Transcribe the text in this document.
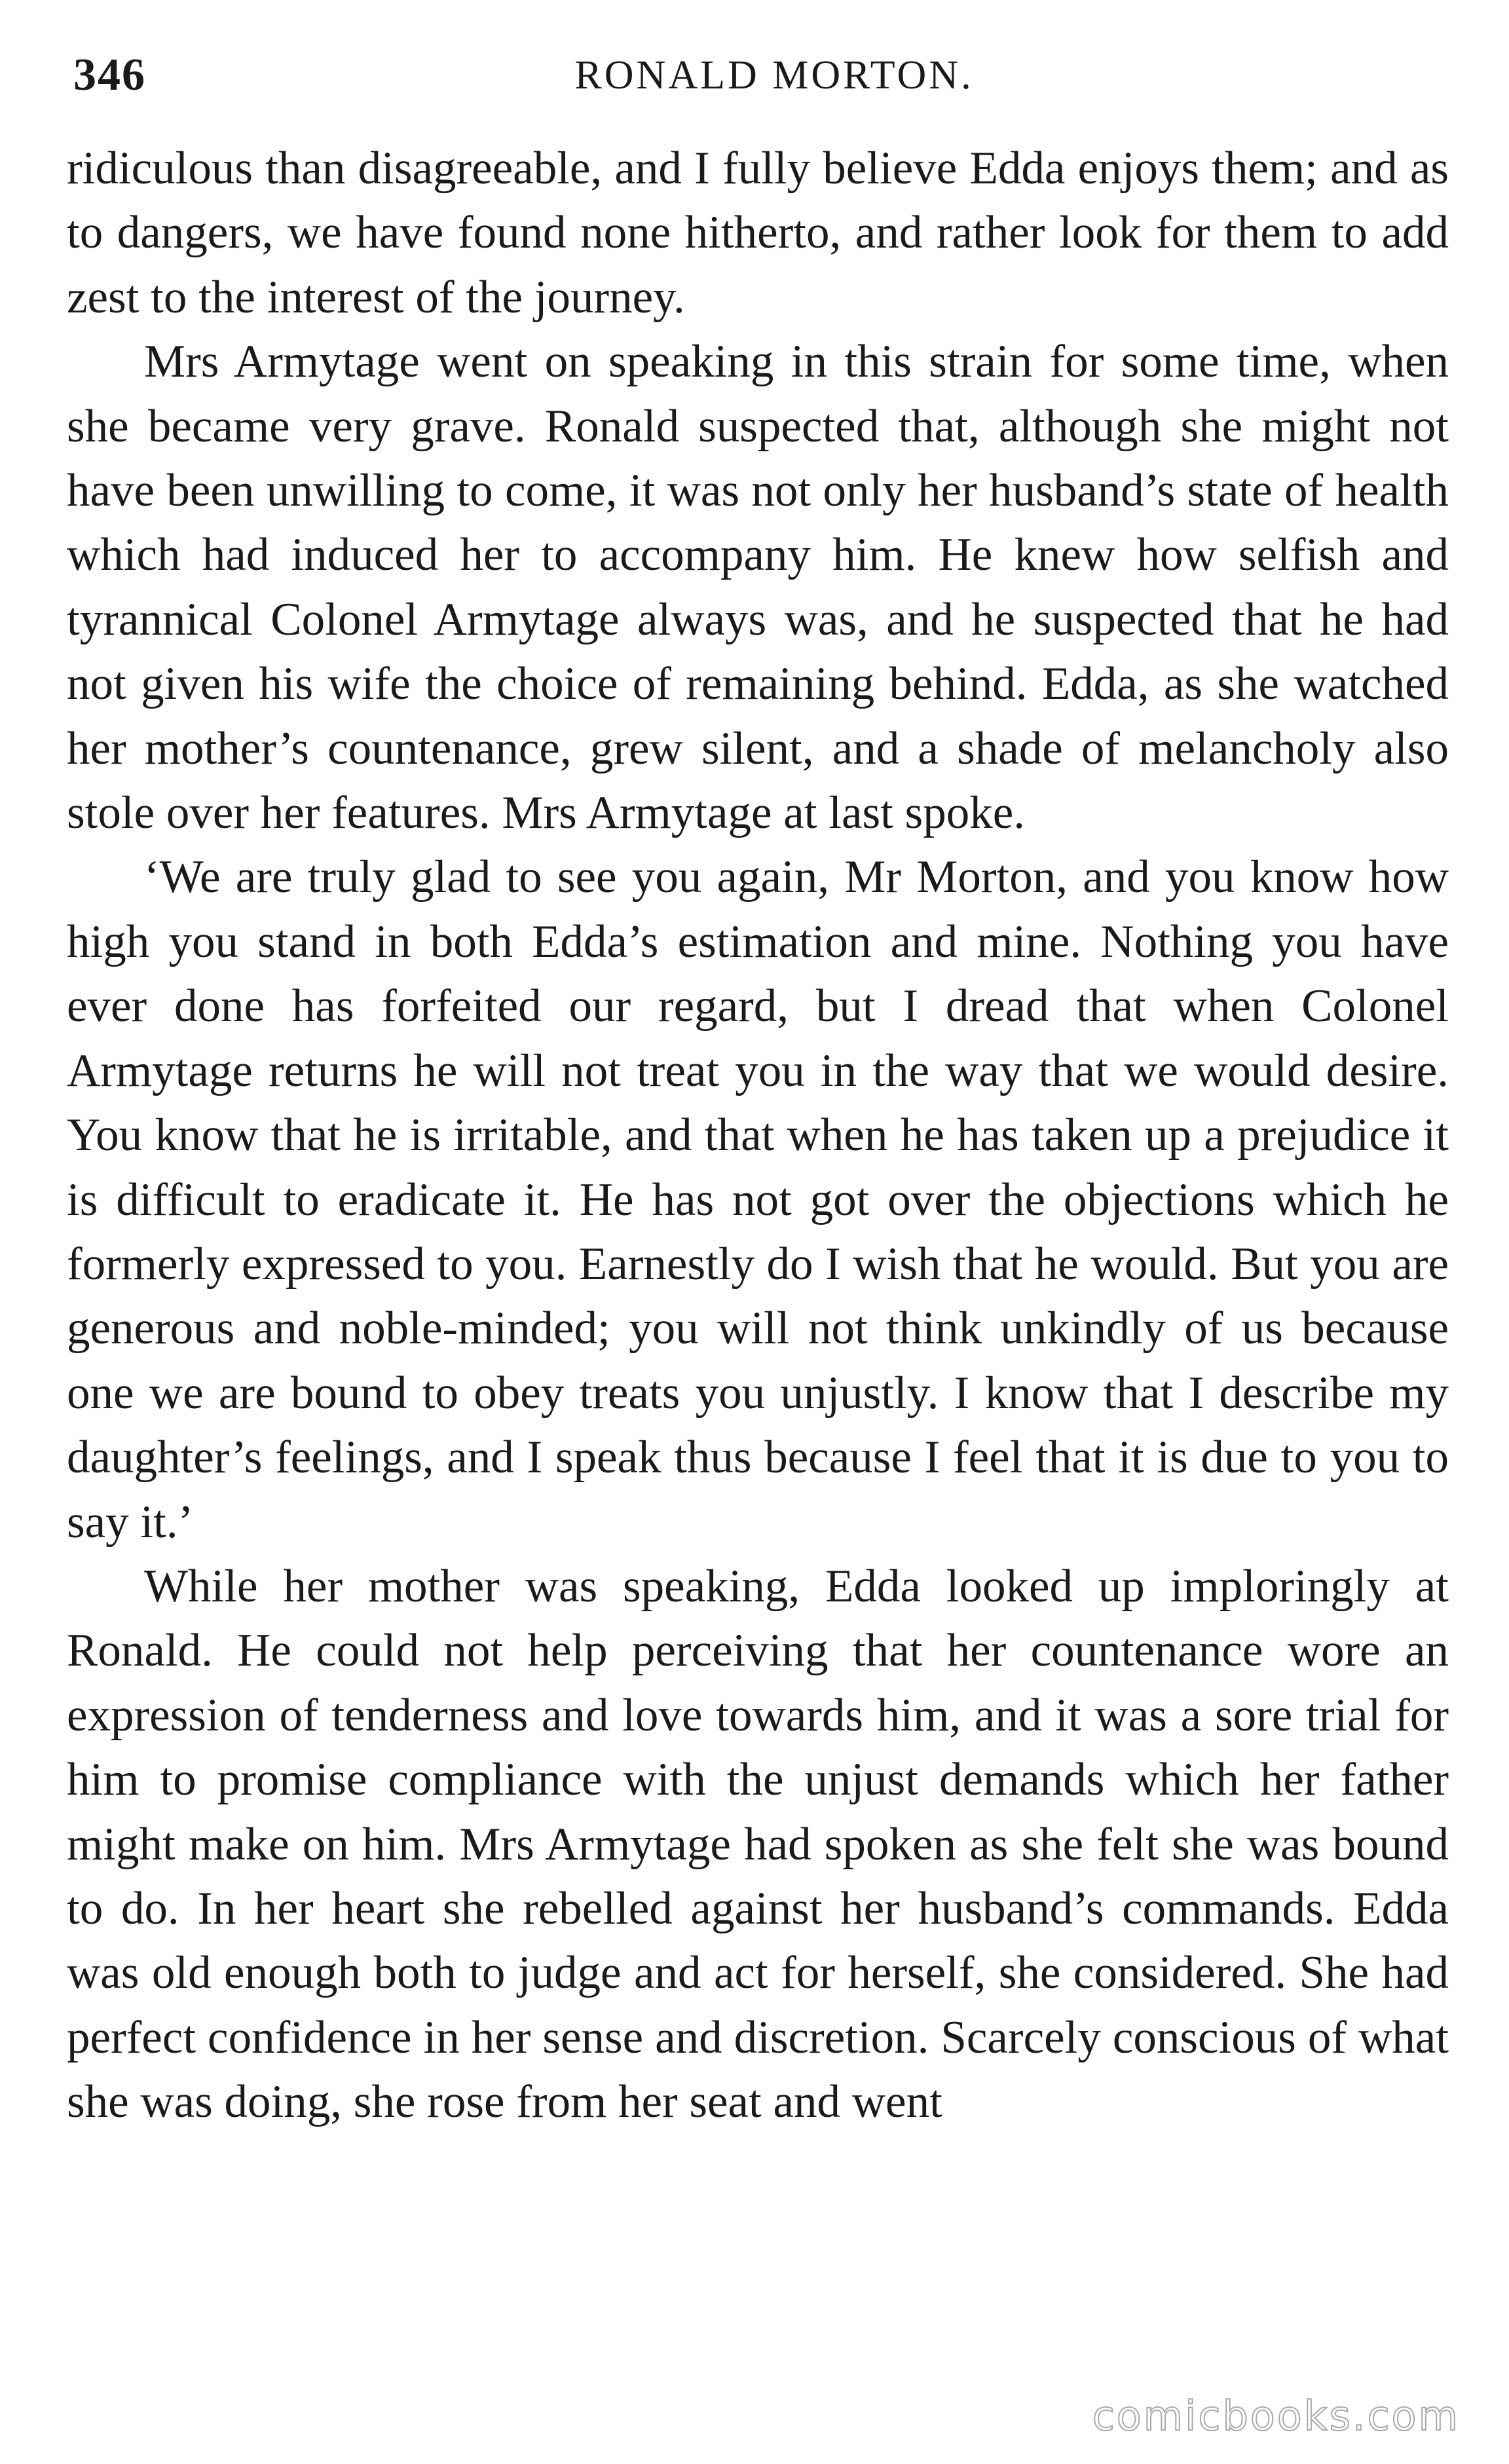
346	RONALD MORTON.

ridiculous than disagreeable, and I fully believe Edda enjoys them; and as to dangers, we have found none hitherto, and rather look for them to add zest to the interest of the journey.

Mrs Armytage went on speaking in this strain for some time, when she became very grave. Ronald suspected that, although she might not have been unwilling to come, it was not only her husband’s state of health which had induced her to accompany him. He knew how selfish and tyrannical Colonel Armytage always was, and he suspected that he had not given his wife the choice of remaining behind. Edda, as she watched her mother’s countenance, grew silent, and a shade of melancholy also stole over her features. Mrs Armytage at last spoke.

‘We are truly glad to see you again, Mr Morton, and you know how high you stand in both Edda’s estimation and mine. Nothing you have ever done has forfeited our regard, but I dread that when Colonel Armytage returns he will not treat you in the way that we would desire. You know that he is irritable, and that when he has taken up a prejudice it is difficult to eradicate it. He has not got over the objections which he formerly expressed to you. Earnestly do I wish that he would. But you are generous and noble-minded; you will not think unkindly of us because one we are bound to obey treats you unjustly. I know that I describe my daughter’s feelings, and I speak thus because I feel that it is due to you to say it.’

While her mother was speaking, Edda looked up imploringly at Ronald. He could not help perceiving that her countenance wore an expression of tenderness and love towards him, and it was a sore trial for him to promise compliance with the unjust demands which her father might make on him. Mrs Armytage had spoken as she felt she was bound to do. In her heart she rebelled against her husband’s commands. Edda was old enough both to judge and act for herself, she considered. She had perfect confidence in her sense and discretion. Scarcely conscious of what she was doing, she rose from her seat and went

comicbooks.com
